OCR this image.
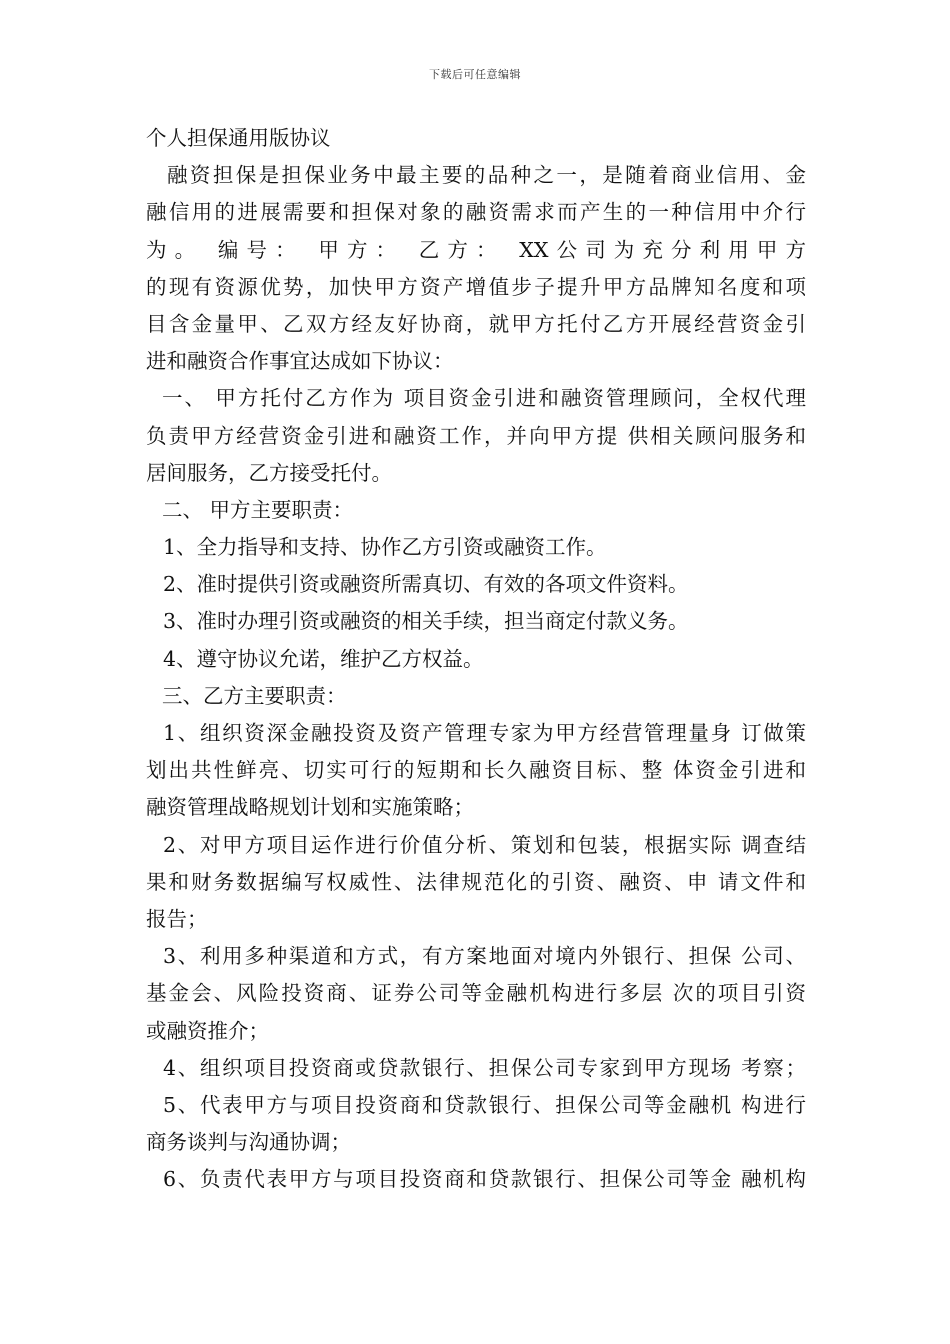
下载后可任意编辑
个人担保通用版协议
融资担保是担保业务中最主要的品种之一，是随着商业信用、金
融信用的进展需要和担保对象的融资需求而产生的一种信用中介行
为。 编号： 甲方： 乙方： XX公司为充分利用甲方
的现有资源优势，加快甲方资产增值步子提升甲方品牌知名度和项
目含金量甲、乙双方经友好协商，就甲方托付乙方开展经营资金引
进和融资合作事宜达成如下协议：
一、 甲方托付乙方作为 项目资金引进和融资管理顾问，全权代理
负责甲方经营资金引进和融资工作，并向甲方提 供相关顾问服务和
居间服务，乙方接受托付。
二、 甲方主要职责：
1、全力指导和支持、协作乙方引资或融资工作。
2、准时提供引资或融资所需真切、有效的各项文件资料。
3、准时办理引资或融资的相关手续，担当商定付款义务。
4、遵守协议允诺，维护乙方权益。
三、乙方主要职责：
1、组织资深金融投资及资产管理专家为甲方经营管理量身 订做策
划出共性鲜亮、切实可行的短期和长久融资目标、整 体资金引进和
融资管理战略规划计划和实施策略；
2、对甲方项目运作进行价值分析、策划和包装，根据实际 调查结
果和财务数据编写权威性、法律规范化的引资、融资、申 请文件和
报告；
3、利用多种渠道和方式，有方案地面对境内外银行、担保 公司、
基金会、风险投资商、证券公司等金融机构进行多层 次的项目引资
或融资推介；
4、组织项目投资商或贷款银行、担保公司专家到甲方现场 考察；
5、代表甲方与项目投资商和贷款银行、担保公司等金融机 构进行
商务谈判与沟通协调；
6、负责代表甲方与项目投资商和贷款银行、担保公司等金 融机构
